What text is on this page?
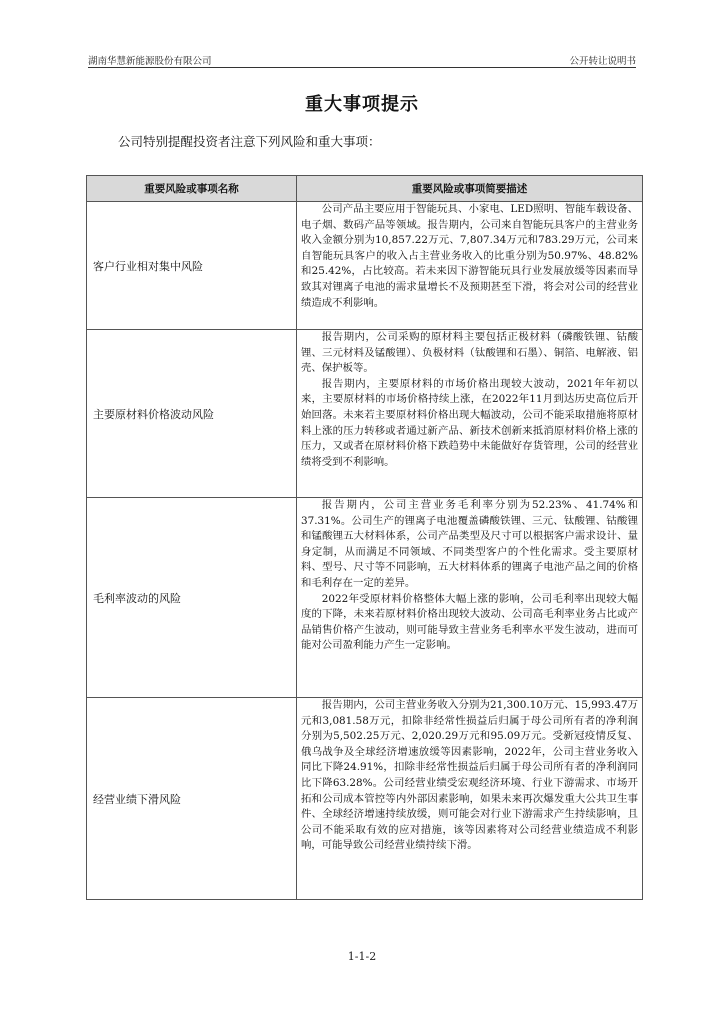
湖南华慧新能源股份有限公司	公开转让说明书
重大事项提示
公司特别提醒投资者注意下列风险和重大事项：
重要风险或事项名称	重要风险或事项简要描述
客户行业相对集中风险	公司产品主要应用于智能玩具、小家电、LED照明、智能车载设备、电子烟、数码产品等领域。报告期内，公司来自智能玩具客户的主营业务收入金额分别为10,857.22万元、7,807.34万元和783.29万元，公司来自智能玩具客户的收入占主营业务收入的比重分别为50.97%、48.82%和25.42%，占比较高。若未来因下游智能玩具行业发展放缓等因素而导致其对锂离子电池的需求量增长不及预期甚至下滑，将会对公司的经营业绩造成不利影响。

主要原材料价格波动风险	报告期内，公司采购的原材料主要包括正极材料（磷酸铁锂、钴酸锂、三元材料及锰酸锂）、负极材料（钛酸锂和石墨）、铜箔、电解液、铝壳、保护板等。

报告期内，主要原材料的市场价格出现较大波动，2021年年初以来，主要原材料的市场价格持续上涨，在2022年11月到达历史高位后开始回落。未来若主要原材料价格出现大幅波动，公司不能采取措施将原材料上涨的压力转移或者通过新产品、新技术创新来抵消原材料价格上涨的压力，又或者在原材料价格下跌趋势中未能做好存货管理，公司的经营业绩将受到不利影响。

毛利率波动的风险	报告期内，公司主营业务毛利率分别为52.23%、41.74%和37.31%。公司生产的锂离子电池覆盖磷酸铁锂、三元、钛酸锂、钴酸锂和锰酸锂五大材料体系，公司产品类型及尺寸可以根据客户需求设计、量身定制，从而满足不同领域、不同类型客户的个性化需求。受主要原材料、型号、尺寸等不同影响，五大材料体系的锂离子电池产品之间的价格和毛利存在一定的差异。

2022年受原材料价格整体大幅上涨的影响，公司毛利率出现较大幅度的下降，未来若原材料价格出现较大波动、公司高毛利率业务占比或产品销售价格产生波动，则可能导致主营业务毛利率水平发生波动，进而可能对公司盈利能力产生一定影响。

经营业绩下滑风险	报告期内，公司主营业务收入分别为21,300.10万元、15,993.47万元和3,081.58万元，扣除非经常性损益后归属于母公司所有者的净利润分别为5,502.25万元、2,020.29万元和95.09万元。受新冠疫情反复、俄乌战争及全球经济增速放缓等因素影响，2022年，公司主营业务收入同比下降24.91%，扣除非经常性损益后归属于母公司所有者的净利润同比下降63.28%。公司经营业绩受宏观经济环境、行业下游需求、市场开拓和公司成本管控等内外部因素影响，如果未来再次爆发重大公共卫生事件、全球经济增速持续放缓，则可能会对行业下游需求产生持续影响，且公司不能采取有效的应对措施，该等因素将对公司经营业绩造成不利影响，可能导致公司经营业绩持续下滑。

1-1-2
